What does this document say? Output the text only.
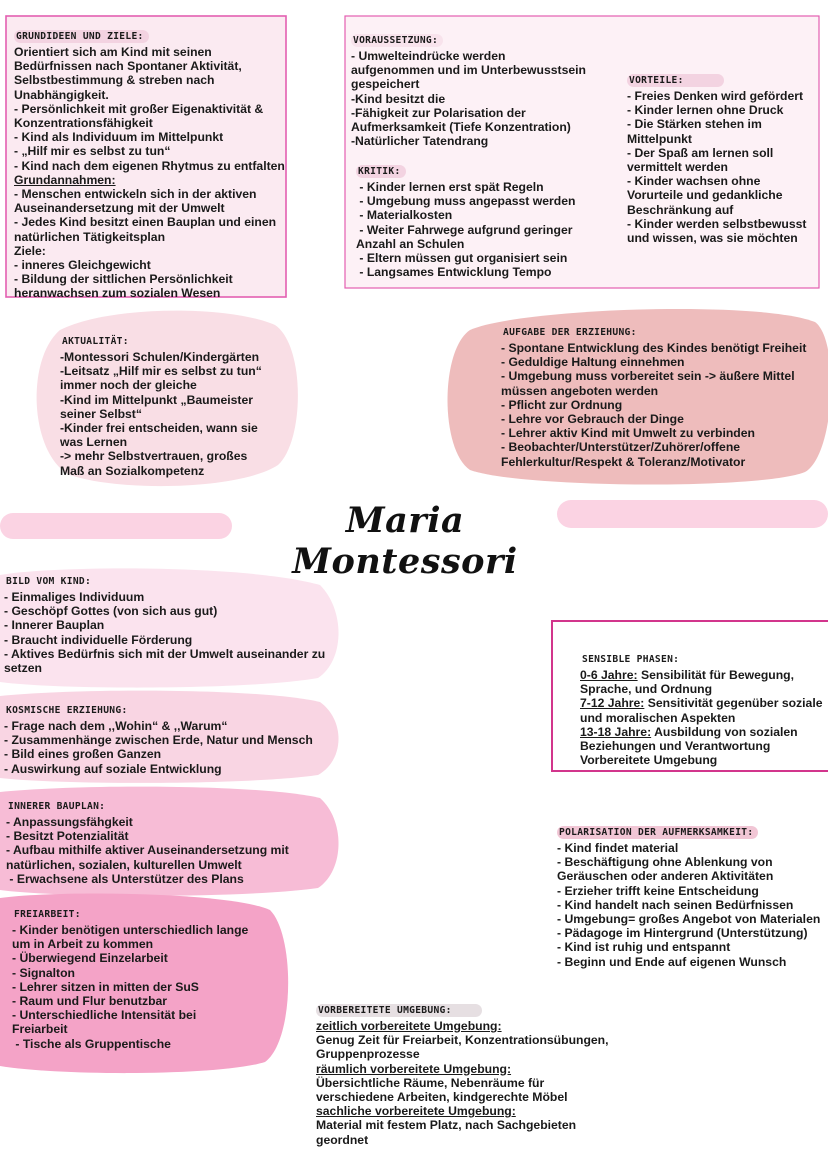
Maria Montessori
GRUNDIDEEN UND ZIELE:
Orientiert sich am Kind mit seinen
Bedürfnissen nach Spontaner Aktivität,
Selbstbestimmung & streben nach
Unabhängigkeit.
- Persönlichkeit mit großer Eigenaktivität &
Konzentrationsfähigkeit
- Kind als Individuum im Mittelpunkt
- „Hilf mir es selbst zu tun“
- Kind nach dem eigenen Rhytmus zu entfalten
Grundannahmen:
- Menschen entwickeln sich in der aktiven
Auseinandersetzung mit der Umwelt
- Jedes Kind besitzt einen Bauplan und einen
natürlichen Tätigkeitsplan
Ziele:
- inneres Gleichgewicht
- Bildung der sittlichen Persönlichkeit
heranwachsen zum sozialen Wesen
VORAUSSETZUNG:
- Umwelteindrücke werden
aufgenommen und im Unterbewusstsein
gespeichert
-Kind besitzt die
-Fähigkeit zur Polarisation der
Aufmerksamkeit (Tiefe Konzentration)
-Natürlicher Tatendrang
KRITIK:
- Kinder lernen erst spät Regeln
- Umgebung muss angepasst werden
- Materialkosten
- Weiter Fahrwege aufgrund geringer
Anzahl an Schulen
- Eltern müssen gut organisiert sein
- Langsames Entwicklung Tempo
VORTEILE:
- Freies Denken wird gefördert
- Kinder lernen ohne Druck
- Die Stärken stehen im
Mittelpunkt
- Der Spaß am lernen soll
vermittelt werden
- Kinder wachsen ohne
Vorurteile und gedankliche
Beschränkung auf
- Kinder werden selbstbewusst
und wissen, was sie möchten
AKTUALITÄT:
-Montessori Schulen/Kindergärten
-Leitsatz „Hilf mir es selbst zu tun“
immer noch der gleiche
-Kind im Mittelpunkt „Baumeister
seiner Selbst“
-Kinder frei entscheiden, wann sie
was Lernen
-> mehr Selbstvertrauen, großes
Maß an Sozialkompetenz
AUFGABE DER ERZIEHUNG:
- Spontane Entwicklung des Kindes benötigt Freiheit
- Geduldige Haltung einnehmen
- Umgebung muss vorbereitet sein -> äußere Mittel
müssen angeboten werden
- Pflicht zur Ordnung
- Lehre vor Gebrauch der Dinge
- Lehrer aktiv Kind mit Umwelt zu verbinden
- Beobachter/Unterstützer/Zuhörer/offene
Fehlerkultur/Respekt & Toleranz/Motivator
BILD VOM KIND:
- Einmaliges Individuum
- Geschöpf Gottes (von sich aus gut)
- Innerer Bauplan
- Braucht individuelle Förderung
- Aktives Bedürfnis sich mit der Umwelt auseinander zu
setzen
SENSIBLE PHASEN:
0-6 Jahre: Sensibilität für Bewegung,
Sprache, und Ordnung
7-12 Jahre: Sensitivität gegenüber soziale
und moralischen Aspekten
13-18 Jahre: Ausbildung von sozialen
Beziehungen und Verantwortung
Vorbereitete Umgebung
KOSMISCHE ERZIEHUNG:
- Frage nach dem ,,Wohin“ & ,,Warum“
- Zusammenhänge zwischen Erde, Natur und Mensch
- Bild eines großen Ganzen
- Auswirkung auf soziale Entwicklung
POLARISATION DER AUFMERKSAMKEIT:
- Kind findet material
- Beschäftigung ohne Ablenkung von
Geräuschen oder anderen Aktivitäten
- Erzieher trifft keine Entscheidung
- Kind handelt nach seinen Bedürfnissen
- Umgebung= großes Angebot von Materialen
- Pädagoge im Hintergrund (Unterstützung)
- Kind ist ruhig und entspannt
- Beginn und Ende auf eigenen Wunsch
INNERER BAUPLAN:
- Anpassungsfähgkeit
- Besitzt Potenzialität
- Aufbau mithilfe aktiver Auseinandersetzung mit
natürlichen, sozialen, kulturellen Umwelt
- Erwachsene als Unterstützer des Plans
FREIARBEIT:
- Kinder benötigen unterschiedlich lange
um in Arbeit zu kommen
- Überwiegend Einzelarbeit
- Signalton
- Lehrer sitzen in mitten der SuS
- Raum und Flur benutzbar
- Unterschiedliche Intensität bei
Freiarbeit
- Tische als Gruppentische
VORBEREITETE UMGEBUNG:
zeitlich vorbereitete Umgebung:
Genug Zeit für Freiarbeit, Konzentrationsübungen,
Gruppenprozesse
räumlich vorbereitete Umgebung:
Übersichtliche Räume, Nebenräume für
verschiedene Arbeiten, kindgerechte Möbel
sachliche vorbereitete Umgebung:
Material mit festem Platz, nach Sachgebieten
geordnet
